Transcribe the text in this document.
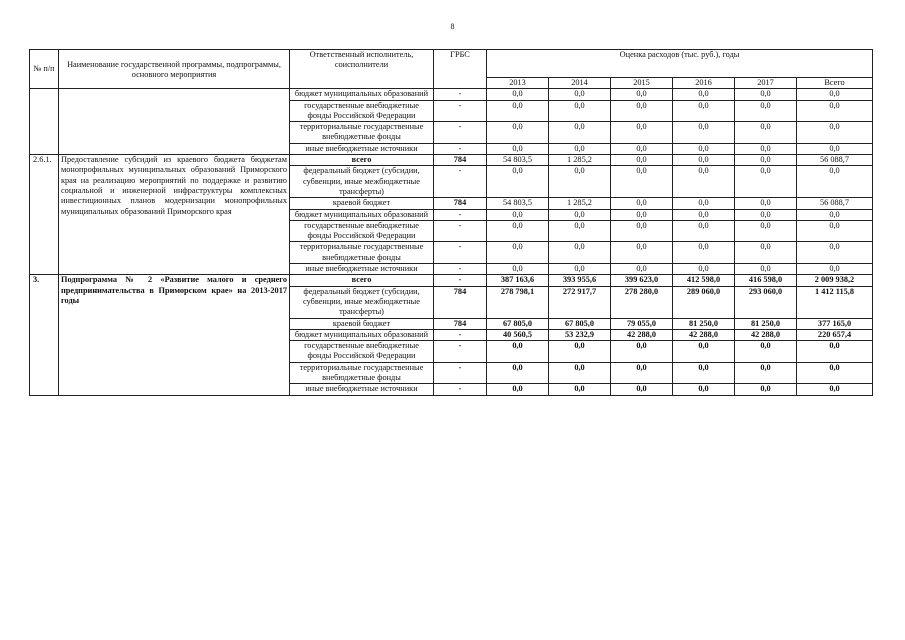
8
№ п/п	Наименование государственной программы, подпрограммы, основного мероприятия	Ответственный исполнитель, соисполнители	ГРБС	Оценка расходов (тыс. руб.), годы					
				2013	2014	2015	2016	2017	Всего
		бюджет муниципальных образований	-	0,0	0,0	0,0	0,0	0,0	0,0
		государственные внебюджетные фонды Российской Федерации	-	0,0	0,0	0,0	0,0	0,0	0,0
		территориальные государственные внебюджетные фонды	-	0,0	0,0	0,0	0,0	0,0	0,0
		иные внебюджетные источники	-	0,0	0,0	0,0	0,0	0,0	0,0
2.6.1.	Предоставление субсидий из краевого бюджета бюджетам монопрофильных муниципальных образований Приморского края на реализацию мероприятий по поддержке и развитию социальной и инженерной инфраструктуры комплексных инвестиционных планов модернизации монопрофильных муниципальных образований Приморского края	всего	784	54 803,5	1 285,2	0,0	0,0	0,0	56 088,7
		федеральный бюджет (субсидии, субвенции, иные межбюджетные трансферты)	-	0,0	0,0	0,0	0,0	0,0	0,0
		краевой бюджет	784	54 803,5	1 285,2	0,0	0,0	0,0	56 088,7
		бюджет муниципальных образований	-	0,0	0,0	0,0	0,0	0,0	0,0
		государственные внебюджетные фонды Российской Федерации	-	0,0	0,0	0,0	0,0	0,0	0,0
		территориальные государственные внебюджетные фонды	-	0,0	0,0	0,0	0,0	0,0	0,0
		иные внебюджетные источники	-	0,0	0,0	0,0	0,0	0,0	0,0
3.	Подпрограмма № 2 «Развитие малого и среднего предпринимательства в Приморском крае» на 2013-2017 годы	всего	-	387 163,6	393 955,6	399 623,0	412 598,0	416 598,0	2 009 938,2
		федеральный бюджет (субсидии, субвенции, иные межбюджетные трансферты)	784	278 798,1	272 917,7	278 280,0	289 060,0	293 060,0	1 412 115,8
		краевой бюджет	784	67 805,0	67 805,0	79 055,0	81 250,0	81 250,0	377 165,0
		бюджет муниципальных образований	-	40 560,5	53 232,9	42 288,0	42 288,0	42 288,0	220 657,4
		государственные внебюджетные фонды Российской Федерации	-	0,0	0,0	0,0	0,0	0,0	0,0
		территориальные государственные внебюджетные фонды	-	0,0	0,0	0,0	0,0	0,0	0,0
		иные внебюджетные источники	-	0,0	0,0	0,0	0,0	0,0	0,0
